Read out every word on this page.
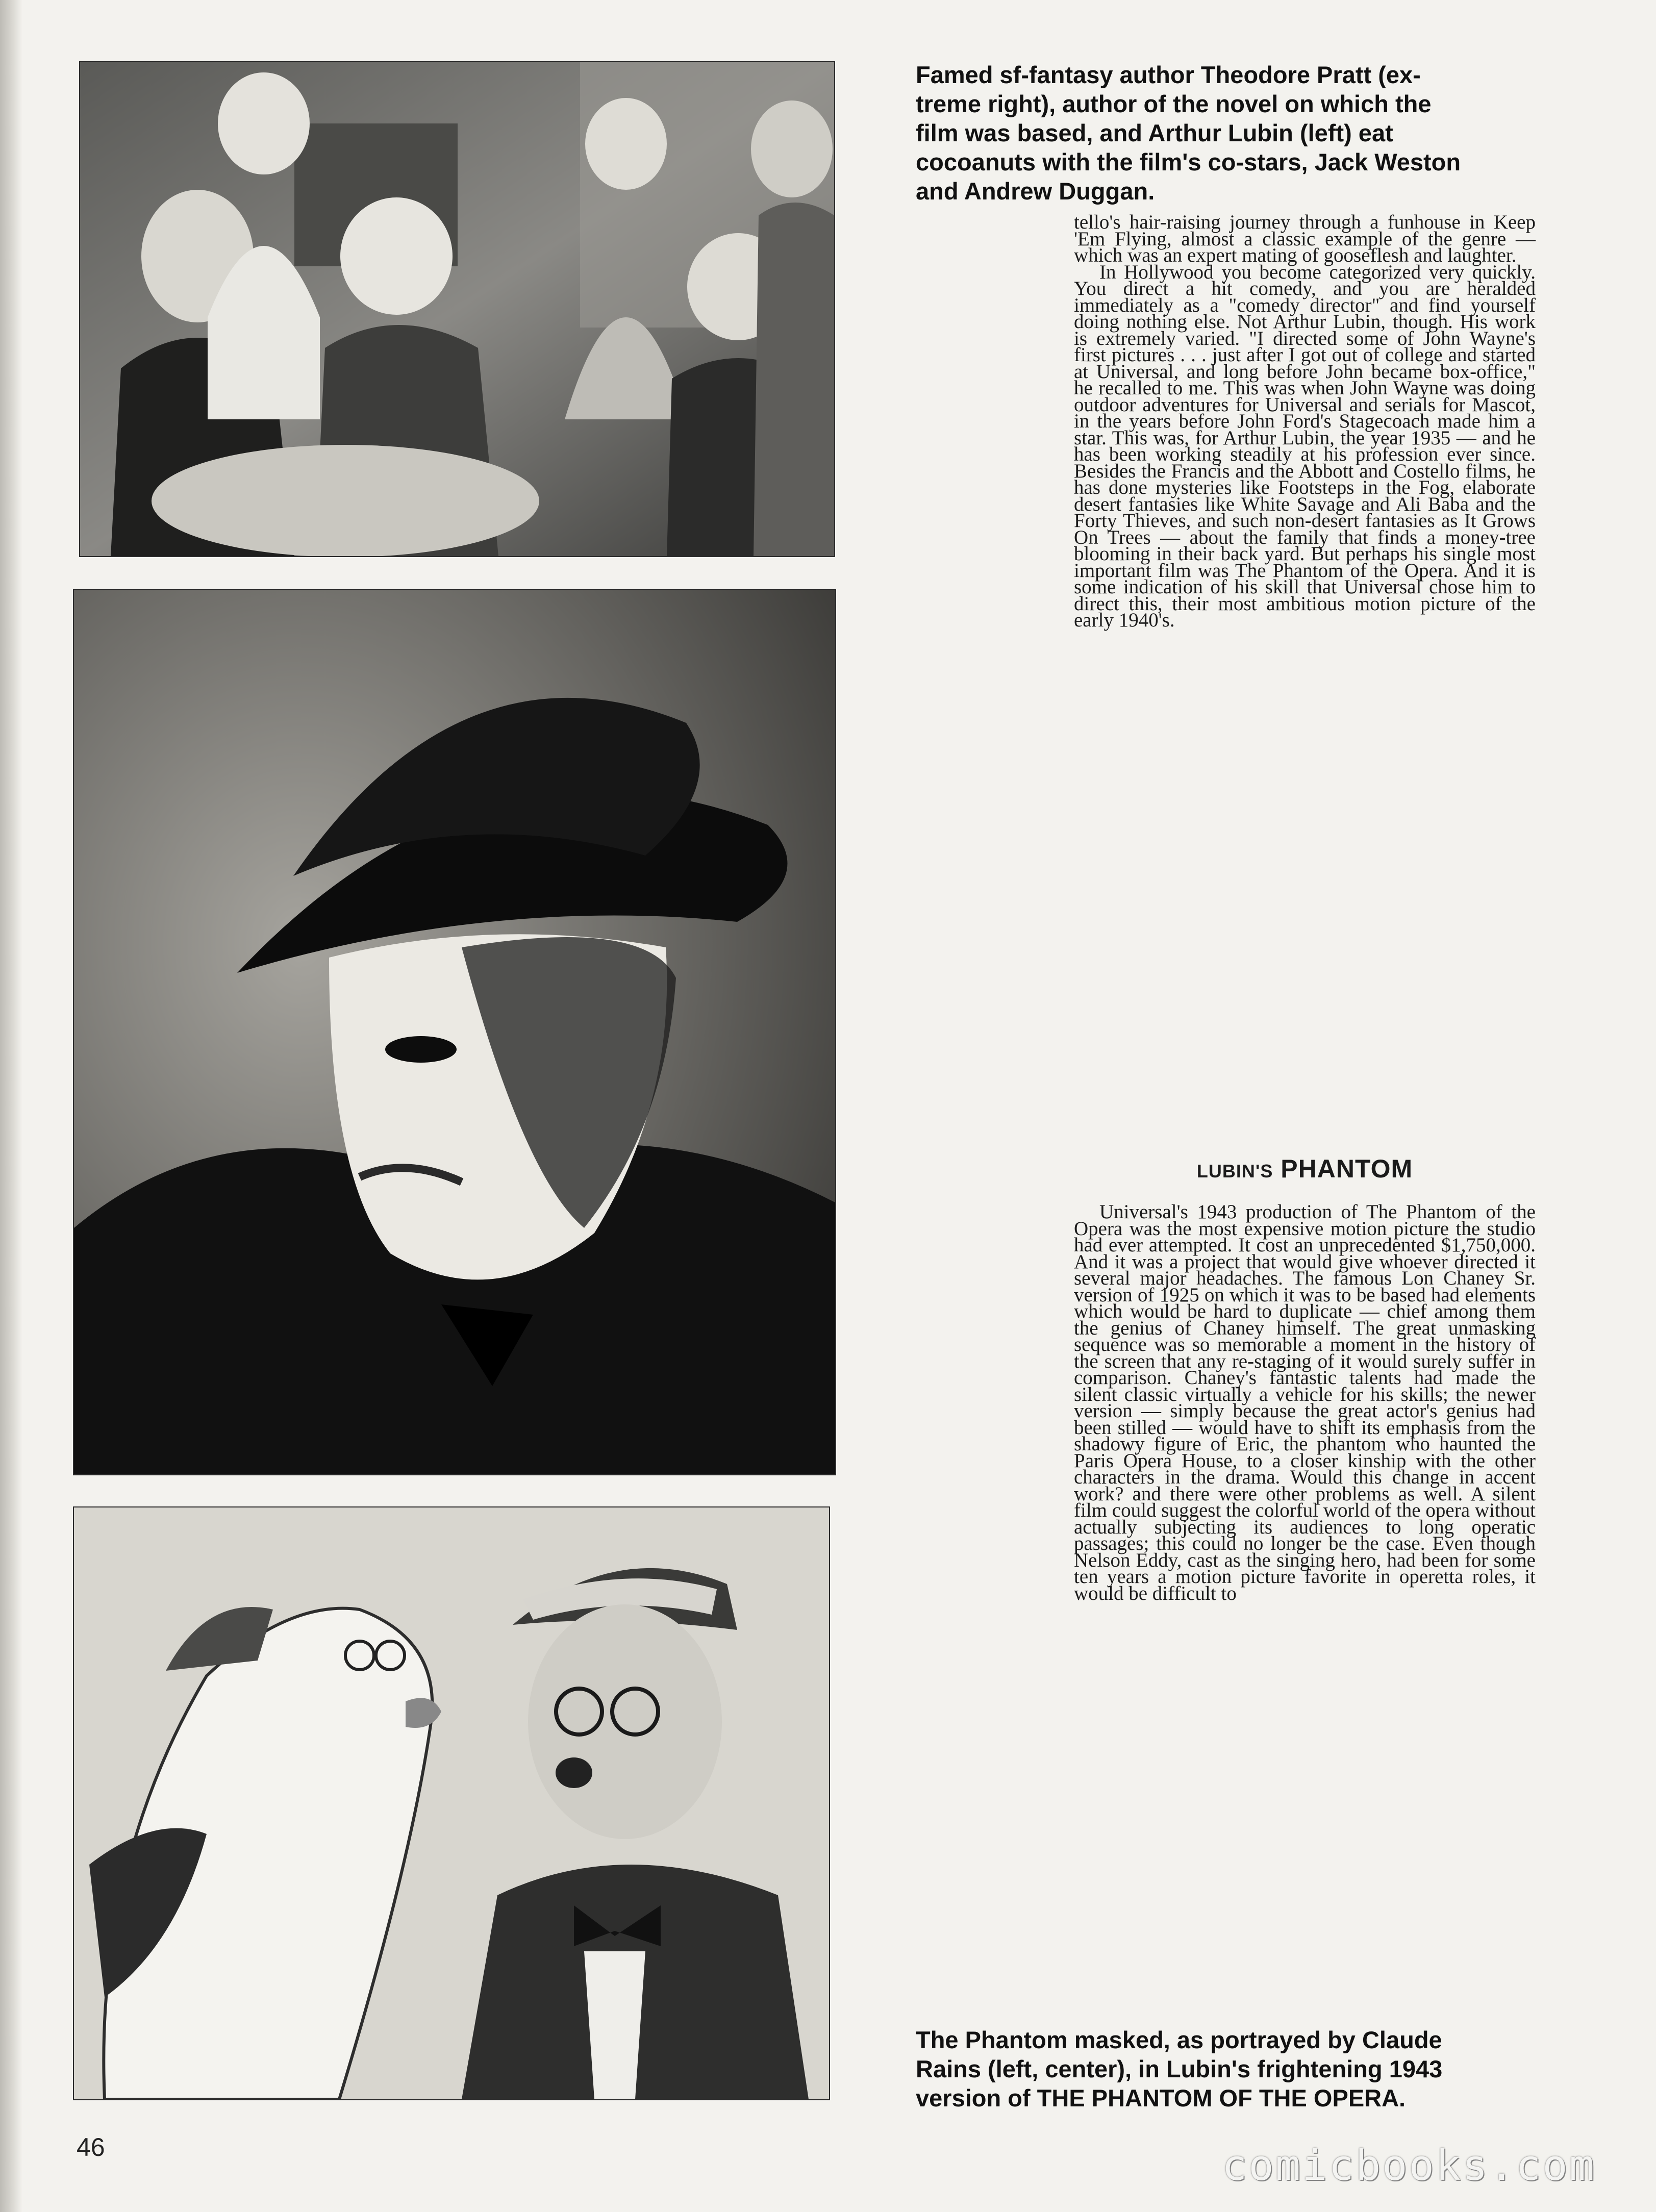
Famed sf-fantasy author Theodore Pratt (ex-
treme right), author of the novel on which the
film was based, and Arthur Lubin (left) eat
cocoanuts with the film's co-stars, Jack Weston
and Andrew Duggan.

tello's hair-raising journey through a funhouse in Keep 'Em Flying, almost a classic example of the genre — which was an expert mating of gooseflesh and laughter.

In Hollywood you become categorized very quickly. You direct a hit comedy, and you are heralded immediately as a "comedy director" and find yourself doing nothing else. Not Arthur Lubin, though. His work is extremely varied. "I directed some of John Wayne's first pictures . . . just after I got out of college and started at Universal, and long before John became box-office," he recalled to me. This was when John Wayne was doing outdoor adventures for Universal and serials for Mascot, in the years before John Ford's Stagecoach made him a star. This was, for Arthur Lubin, the year 1935 — and he has been working steadily at his profession ever since. Besides the Francis and the Abbott and Costello films, he has done mysteries like Footsteps in the Fog, elaborate desert fantasies like White Savage and Ali Baba and the Forty Thieves, and such non-desert fantasies as It Grows On Trees — about the family that finds a money-tree blooming in their back yard. But perhaps his single most important film was The Phantom of the Opera. And it is some indication of his skill that Universal chose him to direct this, their most ambitious motion picture of the early 1940's.

LUBIN'S PHANTOM

Universal's 1943 production of The Phantom of the Opera was the most expensive motion picture the studio had ever attempted. It cost an unprecedented $1,750,000. And it was a project that would give whoever directed it several major headaches. The famous Lon Chaney Sr. version of 1925 on which it was to be based had elements which would be hard to duplicate — chief among them the genius of Chaney himself. The great unmasking sequence was so memorable a moment in the history of the screen that any re-staging of it would surely suffer in comparison. Chaney's fantastic talents had made the silent classic virtually a vehicle for his skills; the newer version — simply because the great actor's genius had been stilled — would have to shift its emphasis from the shadowy figure of Eric, the phantom who haunted the Paris Opera House, to a closer kinship with the other characters in the drama. Would this change in accent work? and there were other problems as well. A silent film could suggest the colorful world of the opera without actually subjecting its audiences to long operatic passages; this could no longer be the case. Even though Nelson Eddy, cast as the singing hero, had been for some ten years a motion picture favorite in operetta roles, it would be difficult to

The Phantom masked, as portrayed by Claude
Rains (left, center), in Lubin's frightening 1943
version of THE PHANTOM OF THE OPERA.

46	comicbooks.com
